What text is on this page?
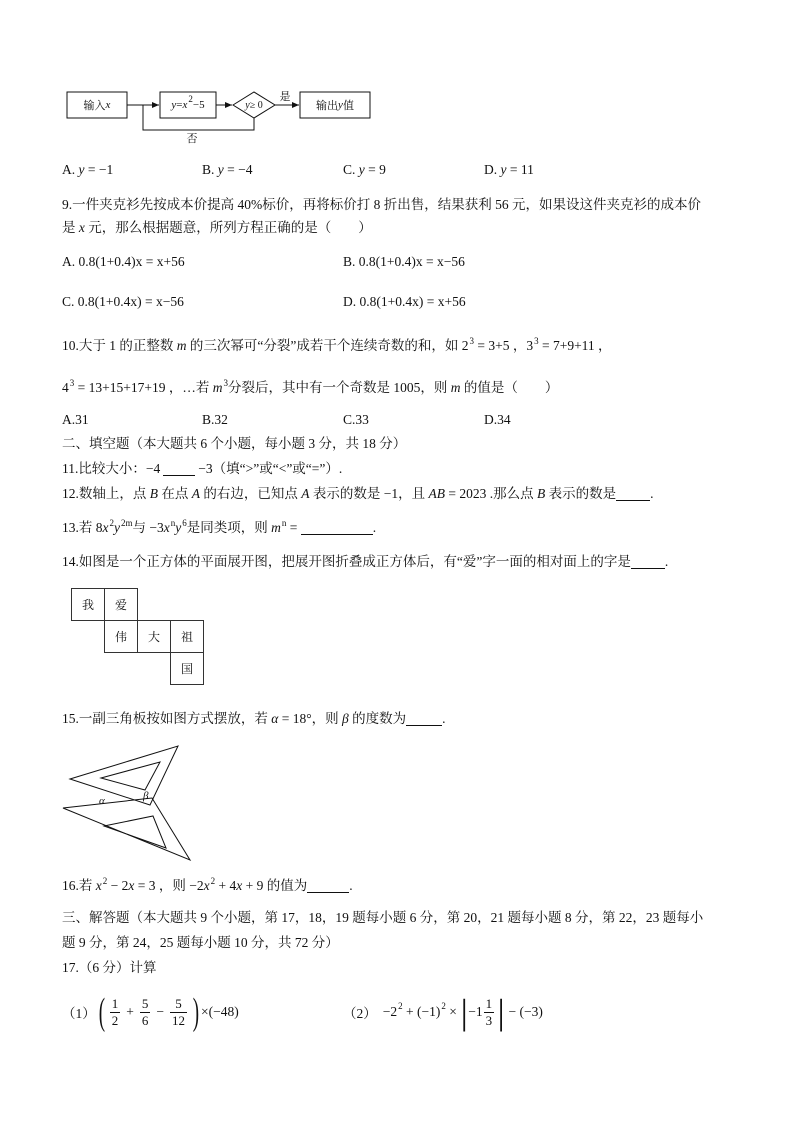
输入 x	y = x 2 −5	y ≥ 0
是
输出 y 值
否
A. y = −1	B. y = −4	C. y = 9	D. y = 11
9.一件夹克衫先按成本价提高 40%标价，再将标价打 8 折出售，结果获利 56 元，如果设这件夹克衫的成本价
是 x 元，那么根据题意，所列方程正确的是（　　）
A. 0.8(1+0.4)x = x+56	B. 0.8(1+0.4)x = x−56
C. 0.8(1+0.4x) = x−56	D. 0.8(1+0.4x) = x+56
10.大于 1 的正整数 m 的三次幂可“分裂”成若干个连续奇数的和，如 $2^3 = 3+5$ ，$3^3 = 7+9+11$ ，
$4^3 = 13+15+17+19$ ，…若 $m^3$分裂后，其中有一个奇数是 1005，则 m 的值是（　　）
A.31	B.32	C.33	D.34
二、填空题（本大题共 6 个小题，每小题 3 分，共 18 分）
11.比较大小：−4	−3（填“>”或“<”或“=”）.
12.数轴上，点 B 在点 A 的右边，已知点 A 表示的数是 −1，且 AB = 2023 .那么点 B 表示的数是	.
13.若 $8x^2y^{2m}$与 $-3x^ny^6$是同类项，则 $m^n$ =	.
14.如图是一个正方体的平面展开图，把展开图折叠成正方体后，有“爱”字一面的相对面上的字是	.
我	爱
伟	大	祖
国
15.一副三角板按如图方式摆放，若 α = 18°，则 β 的度数为	.
α	β
16.若 $x^2 - 2x = 3$ ，则 $-2x^2 + 4x + 9$ 的值为	.
三、解答题（本大题共 9 个小题，第 17，18，19 题每小题 6 分，第 20，21 题每小题 8 分，第 22，23 题每小
题 9 分，第 24，25 题每小题 10 分，共 72 分）
17.（6 分）计算
（1） ( $\frac{1}{2} + \frac{5}{6} - \frac{5}{12}$ ) ×(−48)	（2） −2 2 + (−1) 2 × | $-1 \frac{1}{3}$ | − (−3)
